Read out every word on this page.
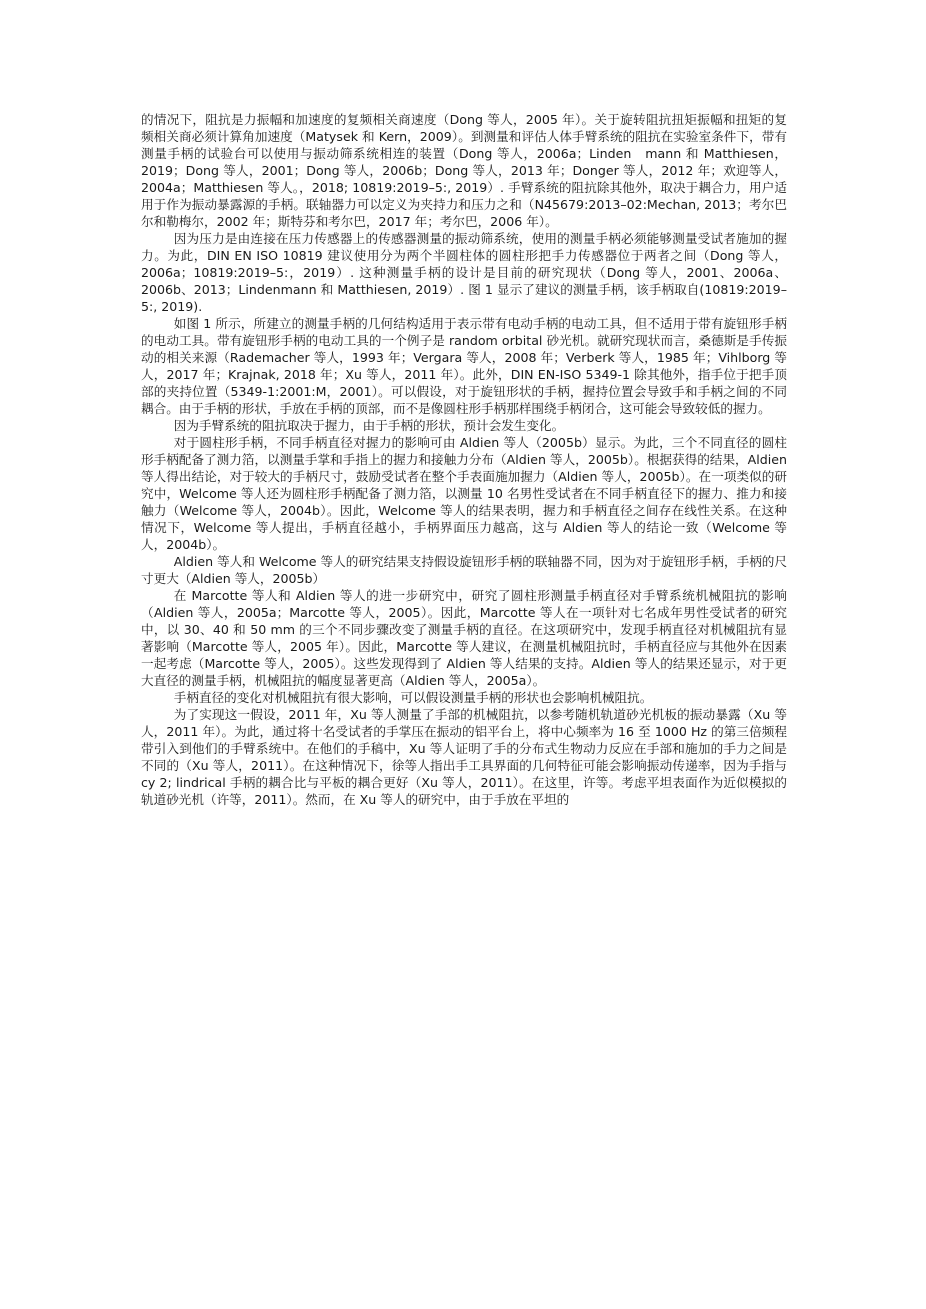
的情况下，阻抗是力振幅和加速度的复频相关商速度（Dong 等人，2005 年）。关于旋转阻抗扭矩振幅和扭矩的复频相关商必须计算角加速度（Matysek 和 Kern，2009）。到测量和评估人体手臂系统的阻抗在实验室条件下，带有测量手柄的试验台可以使用与振动筛系统相连的装置（Dong 等人，2006a；Linden　mann 和 Matthiesen，2019；Dong 等人，2001；Dong 等人，2006b；Dong 等人，2013 年；Donger 等人，2012 年；欢迎等人，2004a；Matthiesen 等人。，2018; 10819:2019–5:, 2019）. 手臂系统的阻抗除其他外，取决于耦合力，用户适用于作为振动暴露源的手柄。联轴器力可以定义为夹持力和压力之和（N45679:2013–02:Mechan, 2013；考尔巴尔和勒梅尔，2002 年；斯特芬和考尔巴，2017 年；考尔巴，2006 年）。

因为压力是由连接在压力传感器上的传感器测量的振动筛系统，使用的测量手柄必须能够测量受试者施加的握力。为此，DIN EN ISO 10819 建议使用分为两个半圆柱体的圆柱形把手力传感器位于两者之间（Dong 等人，2006a；10819:2019–5:，2019）. 这种测量手柄的设计是目前的研究现状（Dong 等人，2001、2006a、2006b、2013；Lindenmann 和 Matthiesen, 2019）. 图 1 显示了建议的测量手柄，该手柄取自(10819:2019–5:, 2019).

如图 1 所示，所建立的测量手柄的几何结构适用于表示带有电动手柄的电动工具，但不适用于带有旋钮形手柄的电动工具。带有旋钮形手柄的电动工具的一个例子是 random orbital 砂光机。就研究现状而言，桑德斯是手传振动的相关来源（Rademacher 等人，1993 年；Vergara 等人，2008 年；Verberk 等人，1985 年；Vihlborg 等人，2017 年；Krajnak, 2018 年；Xu 等人，2011 年）。此外，DIN EN-ISO 5349-1 除其他外，指手位于把手顶部的夹持位置（5349-1:2001:M，2001）。可以假设，对于旋钮形状的手柄，握持位置会导致手和手柄之间的不同耦合。由于手柄的形状，手放在手柄的顶部，而不是像圆柱形手柄那样围绕手柄闭合，这可能会导致较低的握力。

因为手臂系统的阻抗取决于握力，由于手柄的形状，预计会发生变化。

对于圆柱形手柄，不同手柄直径对握力的影响可由 Aldien 等人（2005b）显示。为此，三个不同直径的圆柱形手柄配备了测力箔，以测量手掌和手指上的握力和接触力分布（Aldien 等人，2005b）。根据获得的结果，Aldien 等人得出结论，对于较大的手柄尺寸，鼓励受试者在整个手表面施加握力（Aldien 等人，2005b）。在一项类似的研究中，Welcome 等人还为圆柱形手柄配备了测力箔，以测量 10 名男性受试者在不同手柄直径下的握力、推力和接触力（Welcome 等人，2004b）。因此，Welcome 等人的结果表明，握力和手柄直径之间存在线性关系。在这种情况下，Welcome 等人提出，手柄直径越小，手柄界面压力越高，这与 Aldien 等人的结论一致（Welcome 等人，2004b）。

Aldien 等人和 Welcome 等人的研究结果支持假设旋钮形手柄的联轴器不同，因为对于旋钮形手柄，手柄的尺寸更大（Aldien 等人，2005b）

在 Marcotte 等人和 Aldien 等人的进一步研究中，研究了圆柱形测量手柄直径对手臂系统机械阻抗的影响（Aldien 等人，2005a；Marcotte 等人，2005）。因此，Marcotte 等人在一项针对七名成年男性受试者的研究中，以 30、40 和 50 mm 的三个不同步骤改变了测量手柄的直径。在这项研究中，发现手柄直径对机械阻抗有显著影响（Marcotte 等人，2005 年）。因此，Marcotte 等人建议，在测量机械阻抗时，手柄直径应与其他外在因素一起考虑（Marcotte 等人，2005）。这些发现得到了 Aldien 等人结果的支持。Aldien 等人的结果还显示，对于更大直径的测量手柄，机械阻抗的幅度显著更高（Aldien 等人，2005a）。

手柄直径的变化对机械阻抗有很大影响，可以假设测量手柄的形状也会影响机械阻抗。

为了实现这一假设，2011 年，Xu 等人测量了手部的机械阻抗，以参考随机轨道砂光机板的振动暴露（Xu 等人，2011 年）。为此，通过将十名受试者的手掌压在振动的铝平台上，将中心频率为 16 至 1000 Hz 的第三倍频程带引入到他们的手臂系统中。在他们的手稿中，Xu 等人证明了手的分布式生物动力反应在手部和施加的手力之间是不同的（Xu 等人，2011）。在这种情况下，徐等人指出手工具界面的几何特征可能会影响振动传递率，因为手指与 cy 2; lindrical 手柄的耦合比与平板的耦合更好（Xu 等人，2011）。在这里，许等。考虑平坦表面作为近似模拟的轨道砂光机（许等，2011）。然而，在 Xu 等人的研究中，由于手放在平坦的
